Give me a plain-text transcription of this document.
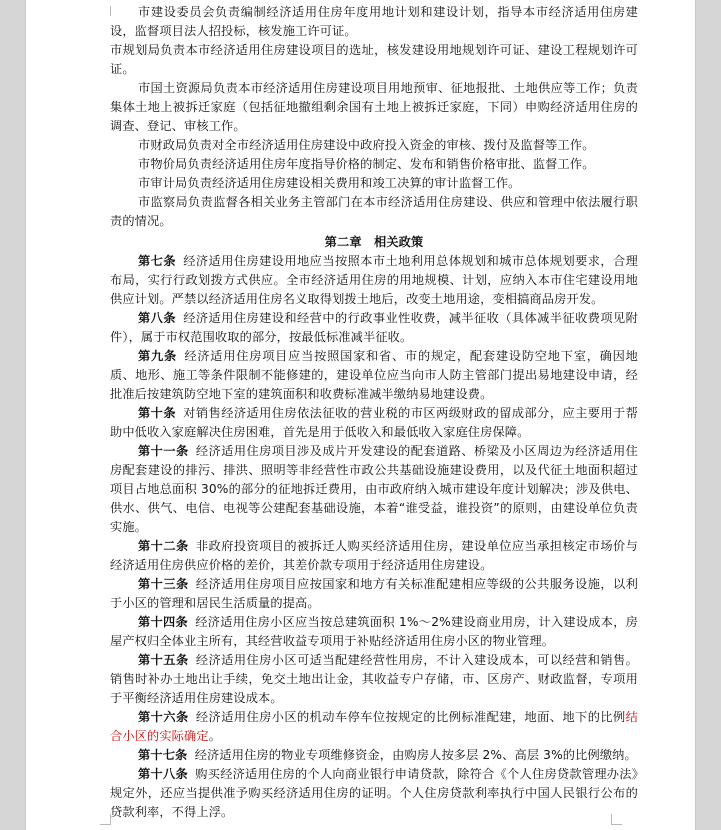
市建设委员会负责编制经济适用住房年度用地计划和建设计划，指导本市经济适用住房建设，监督项目法人招投标，核发施工许可证。

市规划局负责本市经济适用住房建设项目的选址，核发建设用地规划许可证、建设工程规划许可证。

市国土资源局负责本市经济适用住房建设项目用地预审、征地报批、土地供应等工作；负责集体土地上被拆迁家庭（包括征地撤组剩余国有土地上被拆迁家庭，下同）申购经济适用住房的调查、登记、审核工作。

市财政局负责对全市经济适用住房建设中政府投入资金的审核、拨付及监督等工作。

市物价局负责经济适用住房年度指导价格的制定、发布和销售价格审批、监督工作。

市审计局负责经济适用住房建设相关费用和竣工决算的审计监督工作。

市监察局负责监督各相关业务主管部门在本市经济适用住房建设、供应和管理中依法履行职责的情况。

第二章　相关政策

第七条 经济适用住房建设用地应当按照本市土地利用总体规划和城市总体规划要求，合理布局，实行行政划拨方式供应。全市经济适用住房的用地规模、计划，应纳入本市住宅建设用地供应计划。严禁以经济适用住房名义取得划拨土地后，改变土地用途，变相搞商品房开发。

第八条 经济适用住房建设和经营中的行政事业性收费，减半征收（具体减半征收费项见附件），属于市权范围收取的部分，按最低标准减半征收。

第九条 经济适用住房项目应当按照国家和省、市的规定，配套建设防空地下室，确因地质、地形、施工等条件限制不能修建的，建设单位应当向市人防主管部门提出易地建设申请，经批准后按建筑防空地下室的建筑面积和收费标准减半缴纳易地建设费。

第十条 对销售经济适用住房依法征收的营业税的市区两级财政的留成部分，应主要用于帮助中低收入家庭解决住房困难，首先是用于低收入和最低收入家庭住房保障。

第十一条 经济适用住房项目涉及成片开发建设的配套道路、桥梁及小区周边为经济适用住房配套建设的排污、排洪、照明等非经营性市政公共基础设施建设费用，以及代征土地面积超过项目占地总面积 30%的部分的征地拆迁费用，由市政府纳入城市建设年度计划解决；涉及供电、供水、供气、电信、电视等公建配套基础设施，本着“谁受益，谁投资”的原则，由建设单位负责实施。

第十二条 非政府投资项目的被拆迁人购买经济适用住房，建设单位应当承担核定市场价与经济适用住房供应价格的差价，其差价款专项用于经济适用住房建设。

第十三条 经济适用住房项目应按国家和地方有关标准配建相应等级的公共服务设施，以利于小区的管理和居民生活质量的提高。

第十四条 经济适用住房小区应当按总建筑面积 1%～2%建设商业用房，计入建设成本，房屋产权归全体业主所有，其经营收益专项用于补贴经济适用住房小区的物业管理。

第十五条 经济适用住房小区可适当配建经营性用房，不计入建设成本，可以经营和销售。销售时补办土地出让手续，免交土地出让金，其收益专户存储，市、区房产、财政监督，专项用于平衡经济适用住房建设成本。

第十六条 经济适用住房小区的机动车停车位按规定的比例标准配建，地面、地下的比例结合小区的实际确定。

第十七条 经济适用住房的物业专项维修资金，由购房人按多层 2%、高层 3%的比例缴纳。

第十八条 购买经济适用住房的个人向商业银行申请贷款，除符合《个人住房贷款管理办法》规定外，还应当提供准予购买经济适用住房的证明。个人住房贷款利率执行中国人民银行公布的贷款利率，不得上浮。
